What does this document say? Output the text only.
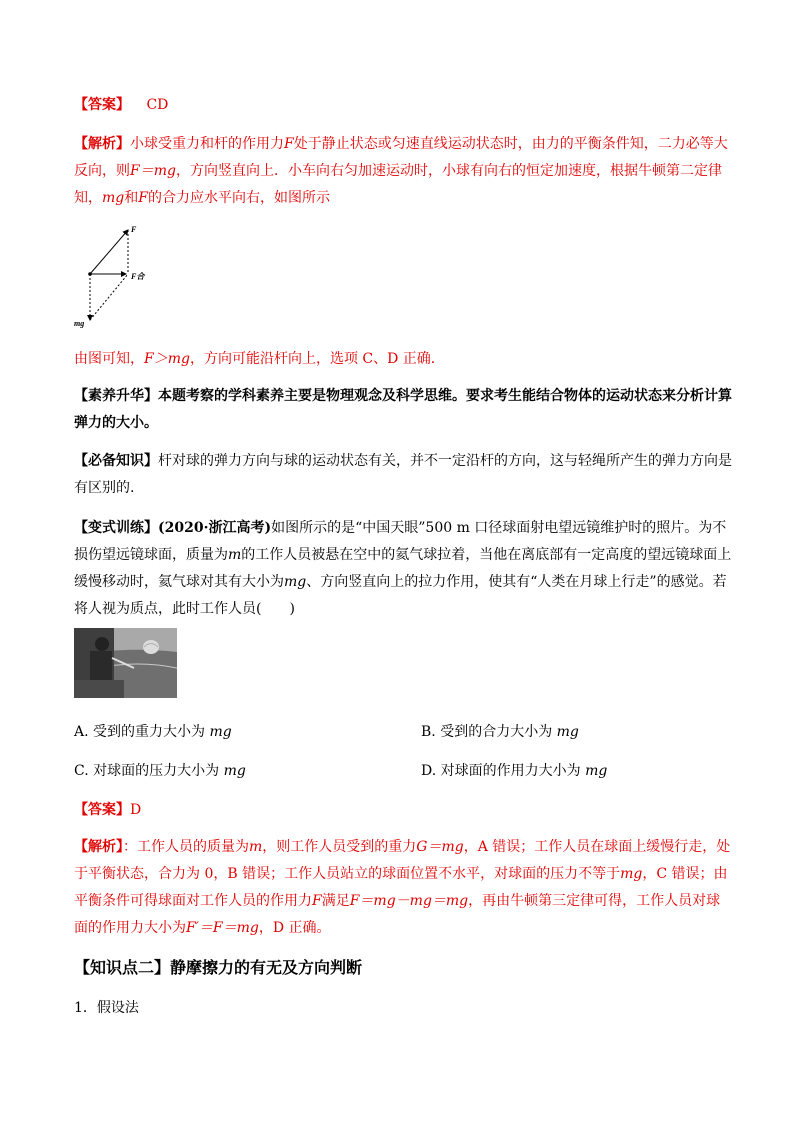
【答案】 CD

【解析】小球受重力和杆的作用力F处于静止状态或匀速直线运动状态时，由力的平衡条件知，二力必等大反向，则F＝mg，方向竖直向上．小车向右匀加速运动时，小球有向右的恒定加速度，根据牛顿第二定律知，mg和F的合力应水平向右，如图所示

F
F合
mg

由图可知，F＞mg，方向可能沿杆向上，选项 C、D 正确．

【素养升华】本题考察的学科素养主要是物理观念及科学思维。要求考生能结合物体的运动状态来分析计算弹力的大小。

【必备知识】杆对球的弹力方向与球的运动状态有关，并不一定沿杆的方向，这与轻绳所产生的弹力方向是有区别的.

【变式训练】(2020·浙江高考)如图所示的是“中国天眼”500 m 口径球面射电望远镜维护时的照片。为不损伤望远镜球面，质量为m的工作人员被悬在空中的氦气球拉着，当他在离底部有一定高度的望远镜球面上缓慢移动时，氦气球对其有大小为mg、方向竖直向上的拉力作用，使其有“人类在月球上行走”的感觉。若将人视为质点，此时工作人员(　　)

A. 受到的重力大小为 mg	B. 受到的合力大小为 mg
C. 对球面的压力大小为 mg	D. 对球面的作用力大小为 mg

【答案】D

【解析】：工作人员的质量为m，则工作人员受到的重力G＝mg，A 错误；工作人员在球面上缓慢行走，处于平衡状态，合力为 0，B 错误；工作人员站立的球面位置不水平，对球面的压力不等于mg，C 错误；由平衡条件可得球面对工作人员的作用力F满足F＝mg－mg＝mg，再由牛顿第三定律可得，工作人员对球面的作用力大小为F′＝F＝mg，D 正确。

【知识点二】静摩擦力的有无及方向判断
1．假设法
